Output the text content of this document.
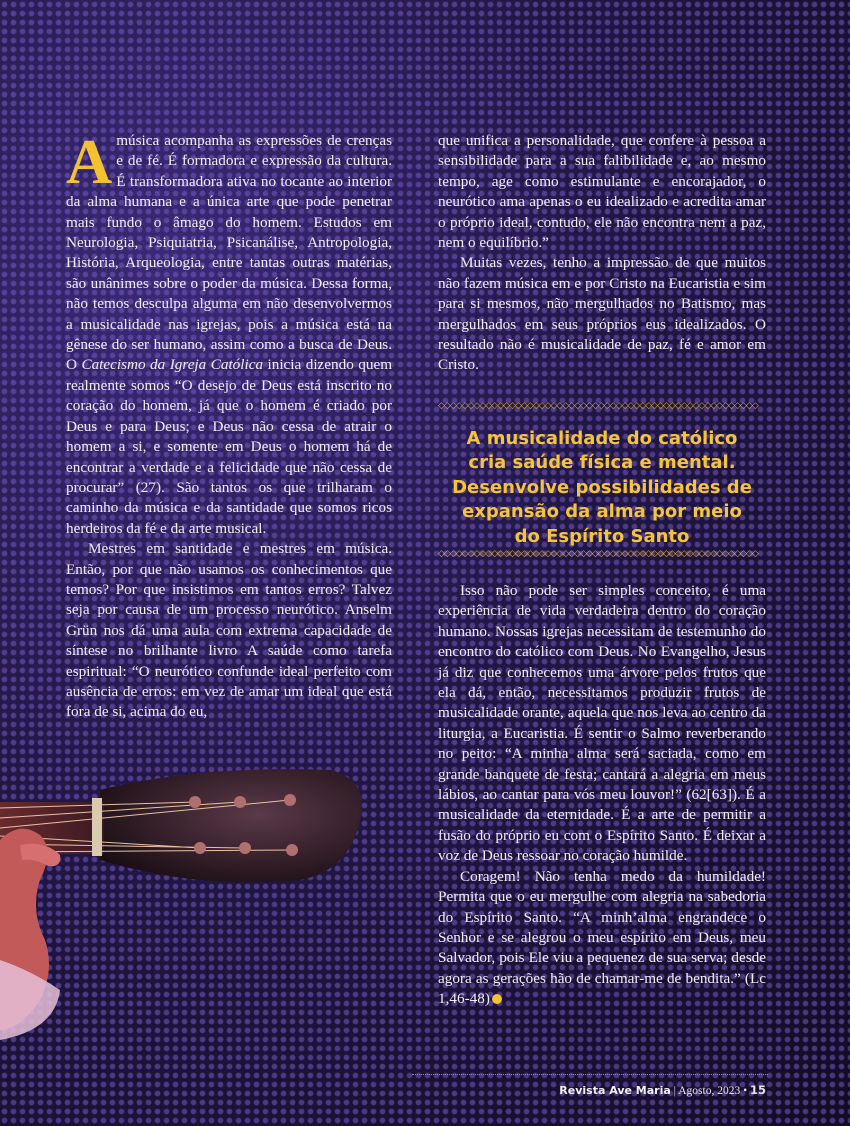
Amúsica acompanha as expressões de crenças e de fé. É formadora e expressão da cultura. É transformadora ativa no tocante ao interior da alma humana e a única arte que pode penetrar mais fundo o âmago do homem. Estudos em Neurologia, Psiquiatria, Psicanálise, Antropologia, História, Arqueologia, entre tantas outras matérias, são unânimes sobre o poder da música. Dessa forma, não temos desculpa alguma em não desenvolvermos a musicalidade nas igrejas, pois a música está na gênese do ser humano, assim como a busca de Deus. O Catecismo da Igreja Católica inicia dizendo quem realmente somos “O desejo de Deus está inscrito no coração do homem, já que o homem é criado por Deus e para Deus; e Deus não cessa de atrair o homem a si, e somente em Deus o homem há de encontrar a verdade e a felicidade que não cessa de procurar” (27). São tantos os que trilharam o caminho da música e da santidade que somos ricos herdeiros da fé e da arte musical.

Mestres em santidade e mestres em música. Então, por que não usamos os conhecimentos que temos? Por que insistimos em tantos erros? Talvez seja por causa de um processo neurótico. Anselm Grün nos dá uma aula com extrema capacidade de síntese no brilhante livro A saúde como tarefa espiritual: “O neurótico confunde ideal perfeito com ausência de erros: em vez de amar um ideal que está fora de si, acima do eu,

que unifica a personalidade, que confere à pessoa a sensibilidade para a sua falibilidade e, ao mesmo tempo, age como estimulante e encorajador, o neurótico ama apenas o eu idealizado e acredita amar o próprio ideal, contudo, ele não encontra nem a paz, nem o equilíbrio.”

Muitas vezes, tenho a impressão de que muitos não fazem música em e por Cristo na Eucaristia e sim para si mesmos, não mergulhados no Batismo, mas mergulhados em seus próprios eus idealizados. O resultado não é musicalidade de paz, fé e amor em Cristo.

◇◇◇◇◇◇◇◇◇◇◇◇◇◇◇◇◇◇◇◇◇◇◇◇◇◇◇◇◇◇◇◇◇◇◇◇◇◇◇◇◇◇◇◇◇◇◇◇◇◇◇◇◇◇
A musicalidade do católico cria saúde física e mental. Desenvolve possibilidades de expansão da alma por meio do Espírito Santo
◇◇◇◇◇◇◇◇◇◇◇◇◇◇◇◇◇◇◇◇◇◇◇◇◇◇◇◇◇◇◇◇◇◇◇◇◇◇◇◇◇◇◇◇◇◇◇◇◇◇◇◇◇◇

Isso não pode ser simples conceito, é uma experiência de vida verdadeira dentro do coração humano. Nossas igrejas necessitam de testemunho do encontro do católico com Deus. No Evangelho, Jesus já diz que conhecemos uma árvore pelos frutos que ela dá, então, necessitamos produzir frutos de musicalidade orante, aquela que nos leva ao centro da liturgia, a Eucaristia. É sentir o Salmo reverberando no peito: “A minha alma será saciada, como em grande banquete de festa; cantará a alegria em meus lábios, ao cantar para vós meu louvor!” (62[63]). É a musicalidade da eternidade. É a arte de permitir a fusão do próprio eu com o Espírito Santo. É deixar a voz de Deus ressoar no coração humilde.

Coragem! Não tenha medo da humildade! Permita que o eu mergulhe com alegria na sabedoria do Espírito Santo. “A minh’alma engrandece o Senhor e se alegrou o meu espírito em Deus, meu Salvador, pois Ele viu a pequenez de sua serva; desde agora as gerações hão de chamar-me de bendita.” (Lc 1,46-48)

Revista Ave Maria | Agosto, 2023 • 15
